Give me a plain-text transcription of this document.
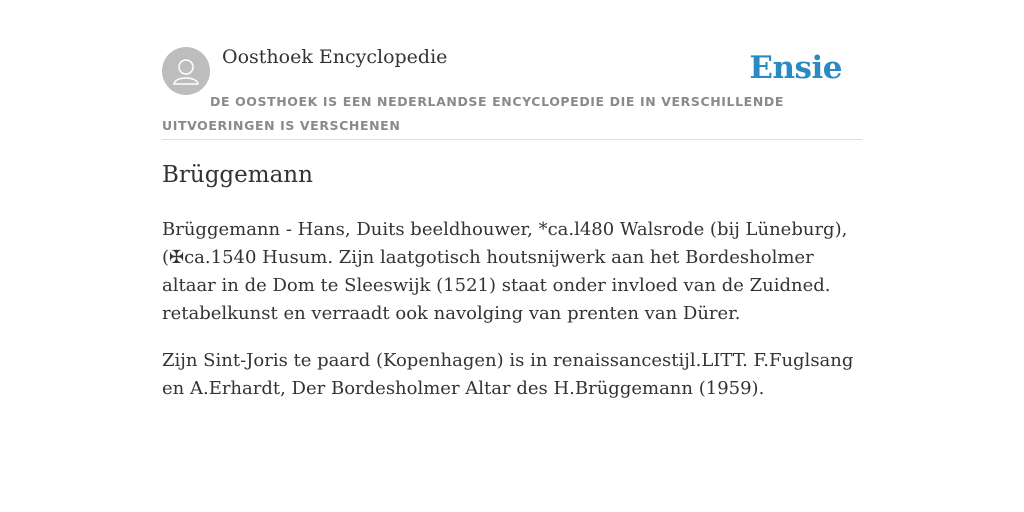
Oosthoek Encyclopedie	Ensie
DE OOSTHOEK IS EEN NEDERLANDSE ENCYCLOPEDIE DIE IN VERSCHILLENDE UITVOERINGEN IS VERSCHENEN
Brüggemann

Brüggemann - Hans, Duits beeldhouwer, *ca.l480 Walsrode (bij Lüneburg), (✠ca.1540 Husum. Zijn laatgotisch houtsnijwerk aan het Bordesholmer altaar in de Dom te Sleeswijk (1521) staat onder invloed van de Zuidned. retabelkunst en verraadt ook navolging van prenten van Dürer.

Zijn Sint-Joris te paard (Kopenhagen) is in renaissancestijl.LITT. F.Fuglsang en A.Erhardt, Der Bordesholmer Altar des H.Brüggemann (1959).
